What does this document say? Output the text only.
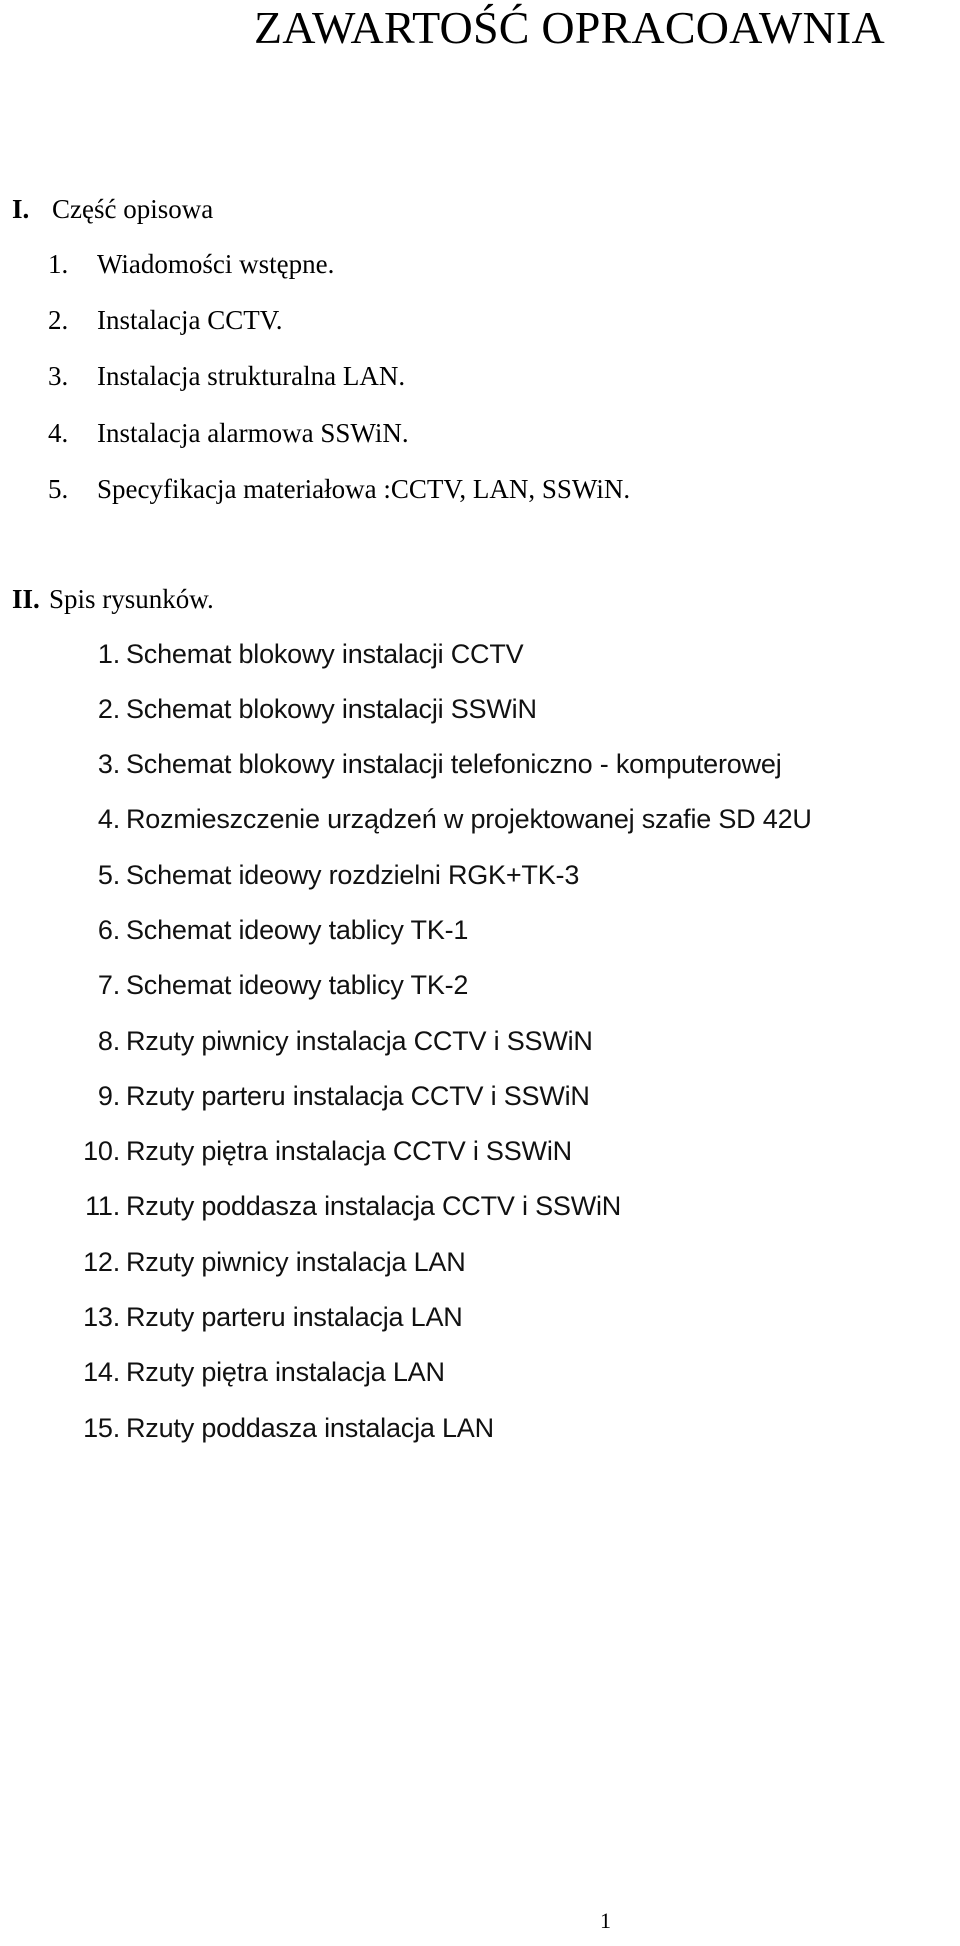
ZAWARTOŚĆ OPRACOAWNIA
I. Część opisowa
1. Wiadomości wstępne.
2. Instalacja CCTV.
3. Instalacja strukturalna LAN.
4. Instalacja alarmowa SSWiN.
5. Specyfikacja materiałowa :CCTV, LAN, SSWiN.
II. Spis rysunków.
1. Schemat blokowy instalacji CCTV
2. Schemat blokowy instalacji SSWiN
3. Schemat blokowy instalacji telefoniczno - komputerowej
4. Rozmieszczenie urządzeń w projektowanej szafie SD 42U
5. Schemat ideowy rozdzielni RGK+TK-3
6. Schemat ideowy tablicy TK-1
7. Schemat ideowy tablicy TK-2
8. Rzuty piwnicy instalacja CCTV i SSWiN
9. Rzuty parteru instalacja CCTV i SSWiN
10. Rzuty piętra instalacja CCTV i SSWiN
11. Rzuty poddasza instalacja CCTV i SSWiN
12. Rzuty piwnicy instalacja LAN
13. Rzuty parteru instalacja LAN
14. Rzuty piętra instalacja LAN
15. Rzuty poddasza instalacja LAN
1
